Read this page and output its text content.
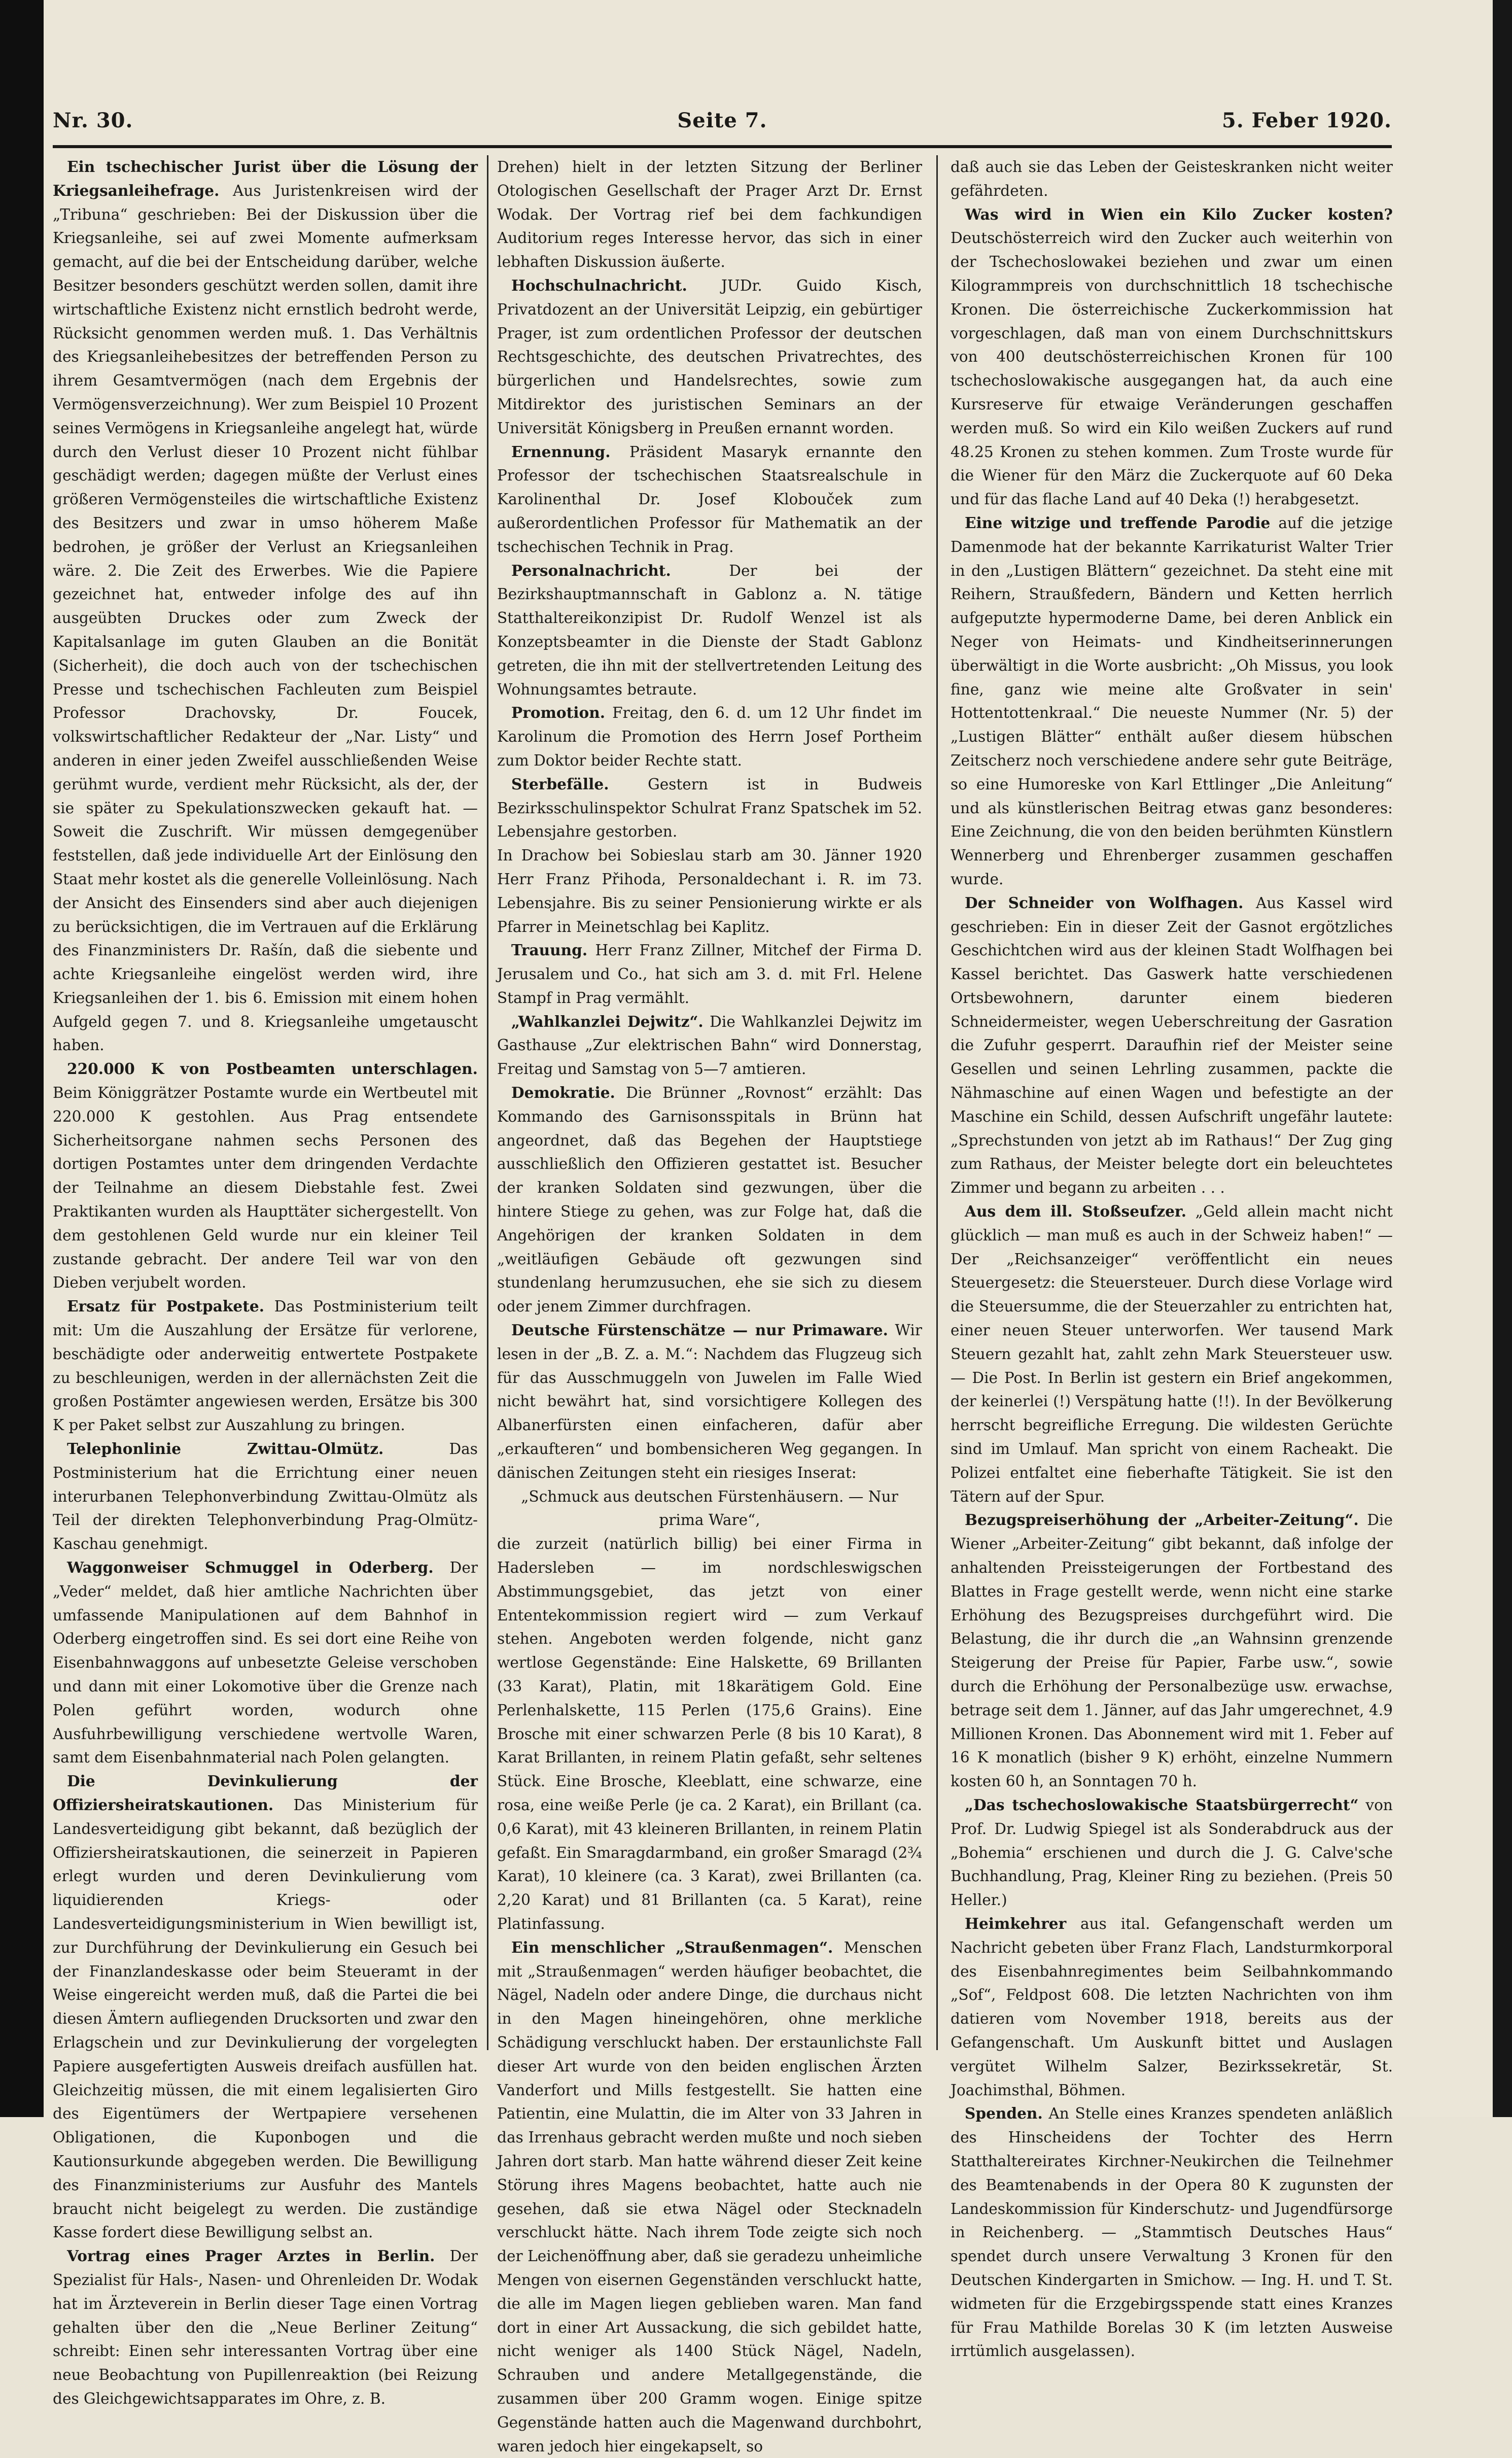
Nr. 30.	Seite 7.	5. Feber 1920.

Ein tschechischer Jurist über die Lösung der Kriegsanleihefrage. Aus Juristenkreisen wird der „Tribuna“ geschrieben: Bei der Diskussion über die Kriegsanleihe, sei auf zwei Momente aufmerksam gemacht, auf die bei der Entscheidung darüber, welche Besitzer besonders geschützt werden sollen, damit ihre wirtschaftliche Existenz nicht ernstlich bedroht werde, Rücksicht genommen werden muß. 1. Das Verhältnis des Kriegsanleihebesitzes der betreffenden Person zu ihrem Gesamtvermögen (nach dem Ergebnis der Vermögensverzeichnung). Wer zum Beispiel 10 Prozent seines Vermögens in Kriegsanleihe angelegt hat, würde durch den Verlust dieser 10 Prozent nicht fühlbar geschädigt werden; dagegen müßte der Verlust eines größeren Vermögensteiles die wirtschaftliche Existenz des Besitzers und zwar in umso höherem Maße bedrohen, je größer der Verlust an Kriegsanleihen wäre. 2. Die Zeit des Erwerbes. Wie die Papiere gezeichnet hat, entweder infolge des auf ihn ausgeübten Druckes oder zum Zweck der Kapitalsanlage im guten Glauben an die Bonität (Sicherheit), die doch auch von der tschechischen Presse und tschechischen Fachleuten zum Beispiel Professor Drachovsky, Dr. Foucek, volkswirtschaftlicher Redakteur der „Nar. Listy“ und anderen in einer jeden Zweifel ausschließenden Weise gerühmt wurde, verdient mehr Rücksicht, als der, der sie später zu Spekulationszwecken gekauft hat. — Soweit die Zuschrift. Wir müssen demgegenüber feststellen, daß jede individuelle Art der Einlösung den Staat mehr kostet als die generelle Volleinlösung. Nach der Ansicht des Einsenders sind aber auch diejenigen zu berücksichtigen, die im Vertrauen auf die Erklärung des Finanzministers Dr. Rašín, daß die siebente und achte Kriegsanleihe eingelöst werden wird, ihre Kriegsanleihen der 1. bis 6. Emission mit einem hohen Aufgeld gegen 7. und 8. Kriegsanleihe umgetauscht haben.

220.000 K von Postbeamten unterschlagen. Beim Königgrätzer Postamte wurde ein Wertbeutel mit 220.000 K gestohlen. Aus Prag entsendete Sicherheitsorgane nahmen sechs Personen des dortigen Postamtes unter dem dringenden Verdachte der Teilnahme an diesem Diebstahle fest. Zwei Praktikanten wurden als Haupttäter sichergestellt. Von dem gestohlenen Geld wurde nur ein kleiner Teil zustande gebracht. Der andere Teil war von den Dieben verjubelt worden.

Ersatz für Postpakete. Das Postministerium teilt mit: Um die Auszahlung der Ersätze für verlorene, beschädigte oder anderweitig entwertete Postpakete zu beschleunigen, werden in der allernächsten Zeit die großen Postämter angewiesen werden, Ersätze bis 300 K per Paket selbst zur Auszahlung zu bringen.

Telephonlinie Zwittau-Olmütz. Das Postministerium hat die Errichtung einer neuen interurbanen Telephonverbindung Zwittau-Olmütz als Teil der direkten Telephonverbindung Prag-Olmütz-Kaschau genehmigt.

Waggonweiser Schmuggel in Oderberg. Der „Veder“ meldet, daß hier amtliche Nachrichten über umfassende Manipulationen auf dem Bahnhof in Oderberg eingetroffen sind. Es sei dort eine Reihe von Eisenbahnwaggons auf unbesetzte Geleise verschoben und dann mit einer Lokomotive über die Grenze nach Polen geführt worden, wodurch ohne Ausfuhrbewilligung verschiedene wertvolle Waren, samt dem Eisenbahnmaterial nach Polen gelangten.

Die Devinkulierung der Offiziersheiratskautionen. Das Ministerium für Landesverteidigung gibt bekannt, daß bezüglich der Offiziersheiratskautionen, die seinerzeit in Papieren erlegt wurden und deren Devinkulierung vom liquidierenden Kriegs- oder Landesverteidigungsministerium in Wien bewilligt ist, zur Durchführung der Devinkulierung ein Gesuch bei der Finanzlandeskasse oder beim Steueramt in der Weise eingereicht werden muß, daß die Partei die bei diesen Ämtern aufliegenden Drucksorten und zwar den Erlagschein und zur Devinkulierung der vorgelegten Papiere ausgefertigten Ausweis dreifach ausfüllen hat. Gleichzeitig müssen, die mit einem legalisierten Giro des Eigentümers der Wertpapiere versehenen Obligationen, die Kuponbogen und die Kautionsurkunde abgegeben werden. Die Bewilligung des Finanzministeriums zur Ausfuhr des Mantels braucht nicht beigelegt zu werden. Die zuständige Kasse fordert diese Bewilligung selbst an.

Vortrag eines Prager Arztes in Berlin. Der Spezialist für Hals-, Nasen- und Ohrenleiden Dr. Wodak hat im Ärzteverein in Berlin dieser Tage einen Vortrag gehalten über den die „Neue Berliner Zeitung“ schreibt: Einen sehr interessanten Vortrag über eine neue Beobachtung von Pupillenreaktion (bei Reizung des Gleichgewichtsapparates im Ohre, z. B.

Drehen) hielt in der letzten Sitzung der Berliner Otologischen Gesellschaft der Prager Arzt Dr. Ernst Wodak. Der Vortrag rief bei dem fachkundigen Auditorium reges Interesse hervor, das sich in einer lebhaften Diskussion äußerte.

Hochschulnachricht. JUDr. Guido Kisch, Privatdozent an der Universität Leipzig, ein gebürtiger Prager, ist zum ordentlichen Professor der deutschen Rechtsgeschichte, des deutschen Privatrechtes, des bürgerlichen und Handelsrechtes, sowie zum Mitdirektor des juristischen Seminars an der Universität Königsberg in Preußen ernannt worden.

Ernennung. Präsident Masaryk ernannte den Professor der tschechischen Staatsrealschule in Karolinenthal Dr. Josef Klobouček zum außerordentlichen Professor für Mathematik an der tschechischen Technik in Prag.

Personalnachricht. Der bei der Bezirkshauptmannschaft in Gablonz a. N. tätige Statthaltereikonzipist Dr. Rudolf Wenzel ist als Konzeptsbeamter in die Dienste der Stadt Gablonz getreten, die ihn mit der stellvertretenden Leitung des Wohnungsamtes betraute.

Promotion. Freitag, den 6. d. um 12 Uhr findet im Karolinum die Promotion des Herrn Josef Portheim zum Doktor beider Rechte statt.

Sterbefälle. Gestern ist in Budweis Bezirksschulinspektor Schulrat Franz Spatschek im 52. Lebensjahre gestorben.

In Drachow bei Sobieslau starb am 30. Jänner 1920 Herr Franz Přihoda, Personaldechant i. R. im 73. Lebensjahre. Bis zu seiner Pensionierung wirkte er als Pfarrer in Meinetschlag bei Kaplitz.

Trauung. Herr Franz Zillner, Mitchef der Firma D. Jerusalem und Co., hat sich am 3. d. mit Frl. Helene Stampf in Prag vermählt.

„Wahlkanzlei Dejwitz“. Die Wahlkanzlei Dejwitz im Gasthause „Zur elektrischen Bahn“ wird Donnerstag, Freitag und Samstag von 5—7 amtieren.

Demokratie. Die Brünner „Rovnost“ erzählt: Das Kommando des Garnisonsspitals in Brünn hat angeordnet, daß das Begehen der Hauptstiege ausschließlich den Offizieren gestattet ist. Besucher der kranken Soldaten sind gezwungen, über die hintere Stiege zu gehen, was zur Folge hat, daß die Angehörigen der kranken Soldaten in dem „weitläufigen Gebäude oft gezwungen sind stundenlang herumzusuchen, ehe sie sich zu diesem oder jenem Zimmer durchfragen.

Deutsche Fürstenschätze — nur Primaware. Wir lesen in der „B. Z. a. M.“: Nachdem das Flugzeug sich für das Ausschmuggeln von Juwelen im Falle Wied nicht bewährt hat, sind vorsichtigere Kollegen des Albanerfürsten einen einfacheren, dafür aber „erkaufteren“ und bombensicheren Weg gegangen. In dänischen Zeitungen steht ein riesiges Inserat:

„Schmuck aus deutschen Fürstenhäusern. — Nur prima Ware“,

die zurzeit (natürlich billig) bei einer Firma in Hadersleben — im nordschleswigschen Abstimmungsgebiet, das jetzt von einer Ententekommission regiert wird — zum Verkauf stehen. Angeboten werden folgende, nicht ganz wertlose Gegenstände: Eine Halskette, 69 Brillanten (33 Karat), Platin, mit 18karätigem Gold. Eine Perlenhalskette, 115 Perlen (175,6 Grains). Eine Brosche mit einer schwarzen Perle (8 bis 10 Karat), 8 Karat Brillanten, in reinem Platin gefaßt, sehr seltenes Stück. Eine Brosche, Kleeblatt, eine schwarze, eine rosa, eine weiße Perle (je ca. 2 Karat), ein Brillant (ca. 0,6 Karat), mit 43 kleineren Brillanten, in reinem Platin gefaßt. Ein Smaragdarmband, ein großer Smaragd (2¾ Karat), 10 kleinere (ca. 3 Karat), zwei Brillanten (ca. 2,20 Karat) und 81 Brillanten (ca. 5 Karat), reine Platinfassung.

Ein menschlicher „Straußenmagen“. Menschen mit „Straußenmagen“ werden häufiger beobachtet, die Nägel, Nadeln oder andere Dinge, die durchaus nicht in den Magen hineingehören, ohne merkliche Schädigung verschluckt haben. Der erstaunlichste Fall dieser Art wurde von den beiden englischen Ärzten Vanderfort und Mills festgestellt. Sie hatten eine Patientin, eine Mulattin, die im Alter von 33 Jahren in das Irrenhaus gebracht werden mußte und noch sieben Jahren dort starb. Man hatte während dieser Zeit keine Störung ihres Magens beobachtet, hatte auch nie gesehen, daß sie etwa Nägel oder Stecknadeln verschluckt hätte. Nach ihrem Tode zeigte sich noch der Leichenöffnung aber, daß sie geradezu unheimliche Mengen von eisernen Gegenständen verschluckt hatte, die alle im Magen liegen geblieben waren. Man fand dort in einer Art Aussackung, die sich gebildet hatte, nicht weniger als 1400 Stück Nägel, Nadeln, Schrauben und andere Metallgegenstände, die zusammen über 200 Gramm wogen. Einige spitze Gegenstände hatten auch die Magenwand durchbohrt, waren jedoch hier eingekapselt, so

daß auch sie das Leben der Geisteskranken nicht weiter gefährdeten.

Was wird in Wien ein Kilo Zucker kosten? Deutschösterreich wird den Zucker auch weiterhin von der Tschechoslowakei beziehen und zwar um einen Kilogrammpreis von durchschnittlich 18 tschechische Kronen. Die österreichische Zuckerkommission hat vorgeschlagen, daß man von einem Durchschnittskurs von 400 deutschösterreichischen Kronen für 100 tschechoslowakische ausgegangen hat, da auch eine Kursreserve für etwaige Veränderungen geschaffen werden muß. So wird ein Kilo weißen Zuckers auf rund 48.25 Kronen zu stehen kommen. Zum Troste wurde für die Wiener für den März die Zuckerquote auf 60 Deka und für das flache Land auf 40 Deka (!) herabgesetzt.

Eine witzige und treffende Parodie auf die jetzige Damenmode hat der bekannte Karrikaturist Walter Trier in den „Lustigen Blättern“ gezeichnet. Da steht eine mit Reihern, Straußfedern, Bändern und Ketten herrlich aufgeputzte hypermoderne Dame, bei deren Anblick ein Neger von Heimats- und Kindheitserinnerungen überwältigt in die Worte ausbricht: „Oh Missus, you look fine, ganz wie meine alte Großvater in sein' Hottentottenkraal.“ Die neueste Nummer (Nr. 5) der „Lustigen Blätter“ enthält außer diesem hübschen Zeitscherz noch verschiedene andere sehr gute Beiträge, so eine Humoreske von Karl Ettlinger „Die Anleitung“ und als künstlerischen Beitrag etwas ganz besonderes: Eine Zeichnung, die von den beiden berühmten Künstlern Wennerberg und Ehrenberger zusammen geschaffen wurde.

Der Schneider von Wolfhagen. Aus Kassel wird geschrieben: Ein in dieser Zeit der Gasnot ergötzliches Geschichtchen wird aus der kleinen Stadt Wolfhagen bei Kassel berichtet. Das Gaswerk hatte verschiedenen Ortsbewohnern, darunter einem biederen Schneidermeister, wegen Ueberschreitung der Gasration die Zufuhr gesperrt. Daraufhin rief der Meister seine Gesellen und seinen Lehrling zusammen, packte die Nähmaschine auf einen Wagen und befestigte an der Maschine ein Schild, dessen Aufschrift ungefähr lautete: „Sprechstunden von jetzt ab im Rathaus!“ Der Zug ging zum Rathaus, der Meister belegte dort ein beleuchtetes Zimmer und begann zu arbeiten . . .

Aus dem ill. Stoßseufzer. „Geld allein macht nicht glücklich — man muß es auch in der Schweiz haben!“ — Der „Reichsanzeiger“ veröffentlicht ein neues Steuergesetz: die Steuersteuer. Durch diese Vorlage wird die Steuersumme, die der Steuerzahler zu entrichten hat, einer neuen Steuer unterworfen. Wer tausend Mark Steuern gezahlt hat, zahlt zehn Mark Steuersteuer usw. — Die Post. In Berlin ist gestern ein Brief angekommen, der keinerlei (!) Verspätung hatte (!!). In der Bevölkerung herrscht begreifliche Erregung. Die wildesten Gerüchte sind im Umlauf. Man spricht von einem Racheakt. Die Polizei entfaltet eine fieberhafte Tätigkeit. Sie ist den Tätern auf der Spur.

Bezugspreiserhöhung der „Arbeiter-Zeitung“. Die Wiener „Arbeiter-Zeitung“ gibt bekannt, daß infolge der anhaltenden Preissteigerungen der Fortbestand des Blattes in Frage gestellt werde, wenn nicht eine starke Erhöhung des Bezugspreises durchgeführt wird. Die Belastung, die ihr durch die „an Wahnsinn grenzende Steigerung der Preise für Papier, Farbe usw.“, sowie durch die Erhöhung der Personalbezüge usw. erwachse, betrage seit dem 1. Jänner, auf das Jahr umgerechnet, 4.9 Millionen Kronen. Das Abonnement wird mit 1. Feber auf 16 K monatlich (bisher 9 K) erhöht, einzelne Nummern kosten 60 h, an Sonntagen 70 h.

„Das tschechoslowakische Staatsbürgerrecht“ von Prof. Dr. Ludwig Spiegel ist als Sonderabdruck aus der „Bohemia“ erschienen und durch die J. G. Calve'sche Buchhandlung, Prag, Kleiner Ring zu beziehen. (Preis 50 Heller.)

Heimkehrer aus ital. Gefangenschaft werden um Nachricht gebeten über Franz Flach, Landsturmkorporal des Eisenbahnregimentes beim Seilbahnkommando „Sof“, Feldpost 608. Die letzten Nachrichten von ihm datieren vom November 1918, bereits aus der Gefangenschaft. Um Auskunft bittet und Auslagen vergütet Wilhelm Salzer, Bezirkssekretär, St. Joachimsthal, Böhmen.

Spenden. An Stelle eines Kranzes spendeten anläßlich des Hinscheidens der Tochter des Herrn Statthaltereirates Kirchner-Neukirchen die Teilnehmer des Beamtenabends in der Opera 80 K zugunsten der Landeskommission für Kinderschutz- und Jugendfürsorge in Reichenberg. — „Stammtisch Deutsches Haus“ spendet durch unsere Verwaltung 3 Kronen für den Deutschen Kindergarten in Smichow. — Ing. H. und T. St. widmeten für die Erzgebirgsspende statt eines Kranzes für Frau Mathilde Borelas 30 K (im letzten Ausweise irrtümlich ausgelassen).
